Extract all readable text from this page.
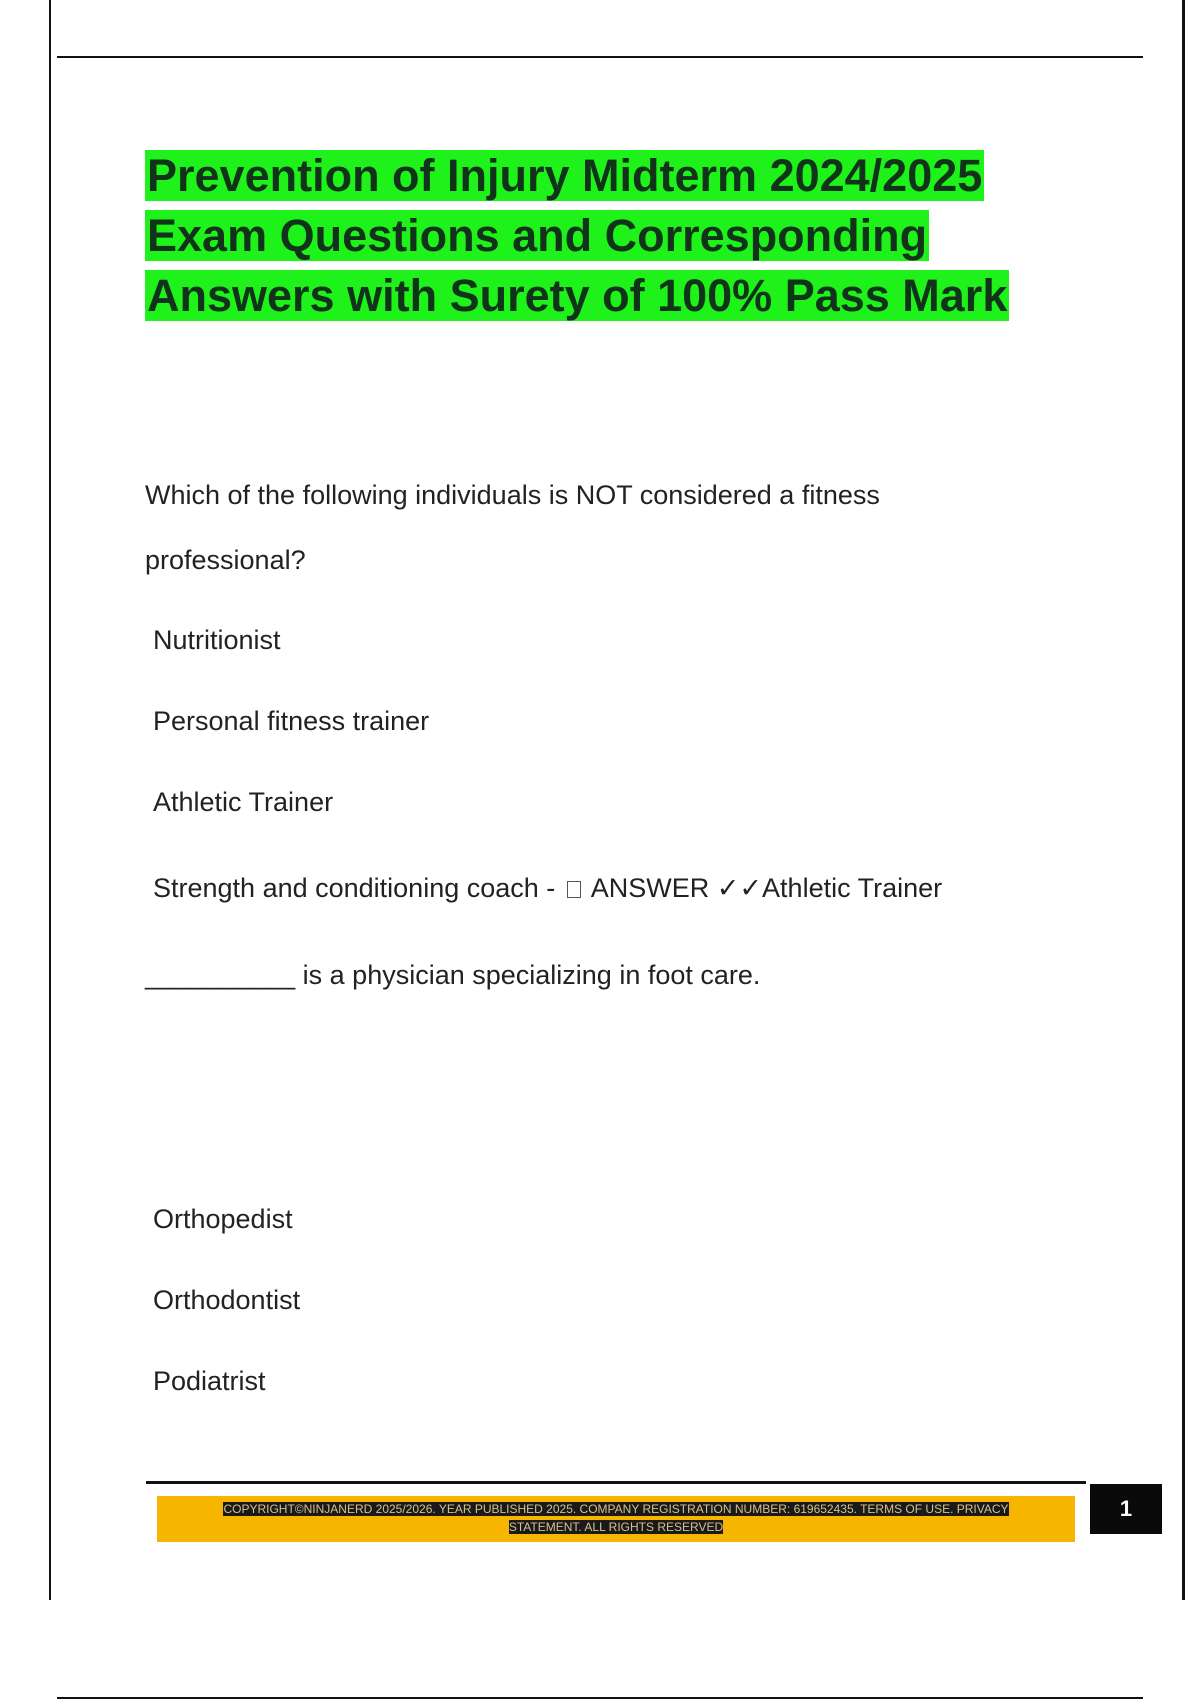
Prevention of Injury Midterm 2024/2025
Exam Questions and Corresponding
Answers with Surety of 100% Pass Mark
Which of the following individuals is NOT considered a fitness
professional?
Nutritionist
Personal fitness trainer
Athletic Trainer
Strength and conditioning coach -  ANSWER ✓✓Athletic Trainer
__________ is a physician specializing in foot care.
Orthopedist
Orthodontist
Podiatrist
COPYRIGHT©NINJANERD 2025/2026. YEAR PUBLISHED 2025. COMPANY REGISTRATION NUMBER: 619652435. TERMS OF USE. PRIVACY
STATEMENT. ALL RIGHTS RESERVED
1
